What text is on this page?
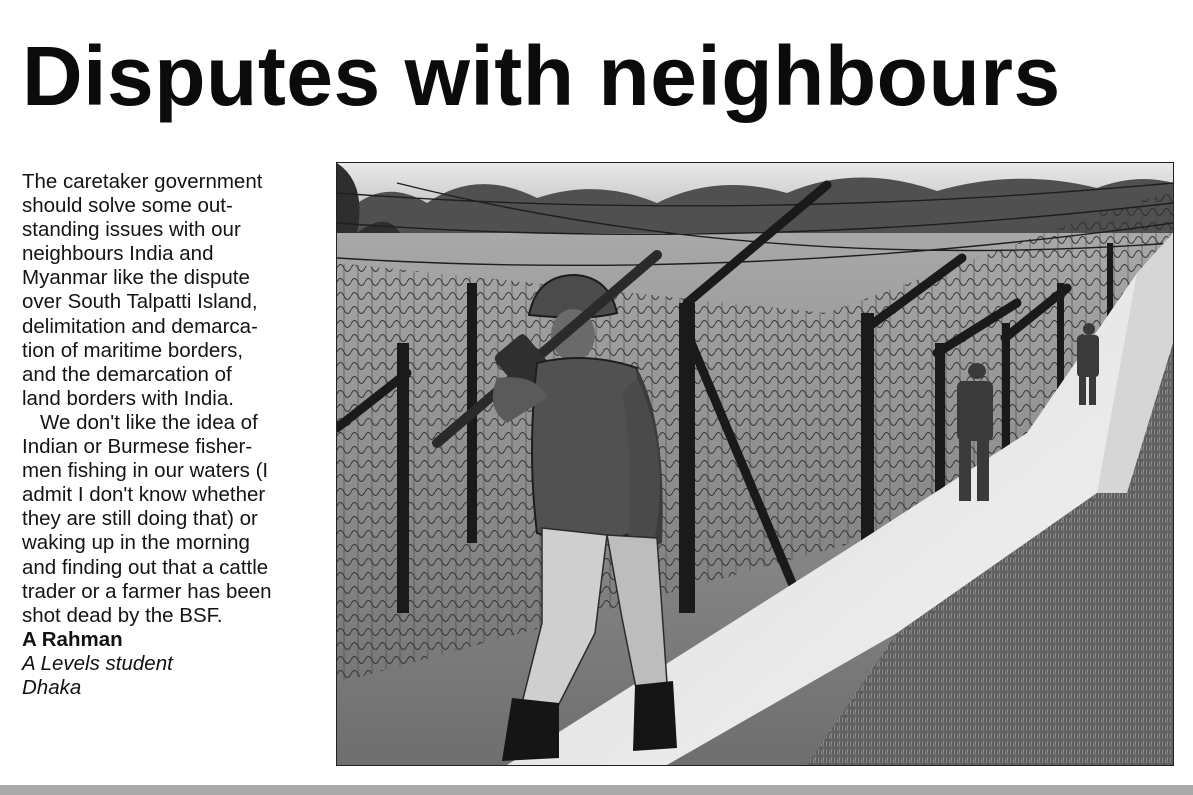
Disputes with neighbours

The caretaker government
should solve some out-
standing issues with our
neighbours India and
Myanmar like the dispute
over South Talpatti Island,
delimitation and demarca-
tion of maritime borders,
and the demarcation of
land borders with India.

We don't like the idea of
Indian or Burmese fisher-
men fishing in our waters (I
admit I don't know whether
they are still doing that) or
waking up in the morning
and finding out that a cattle
trader or a farmer has been
shot dead by the BSF.

A Rahman

A Levels student

Dhaka
